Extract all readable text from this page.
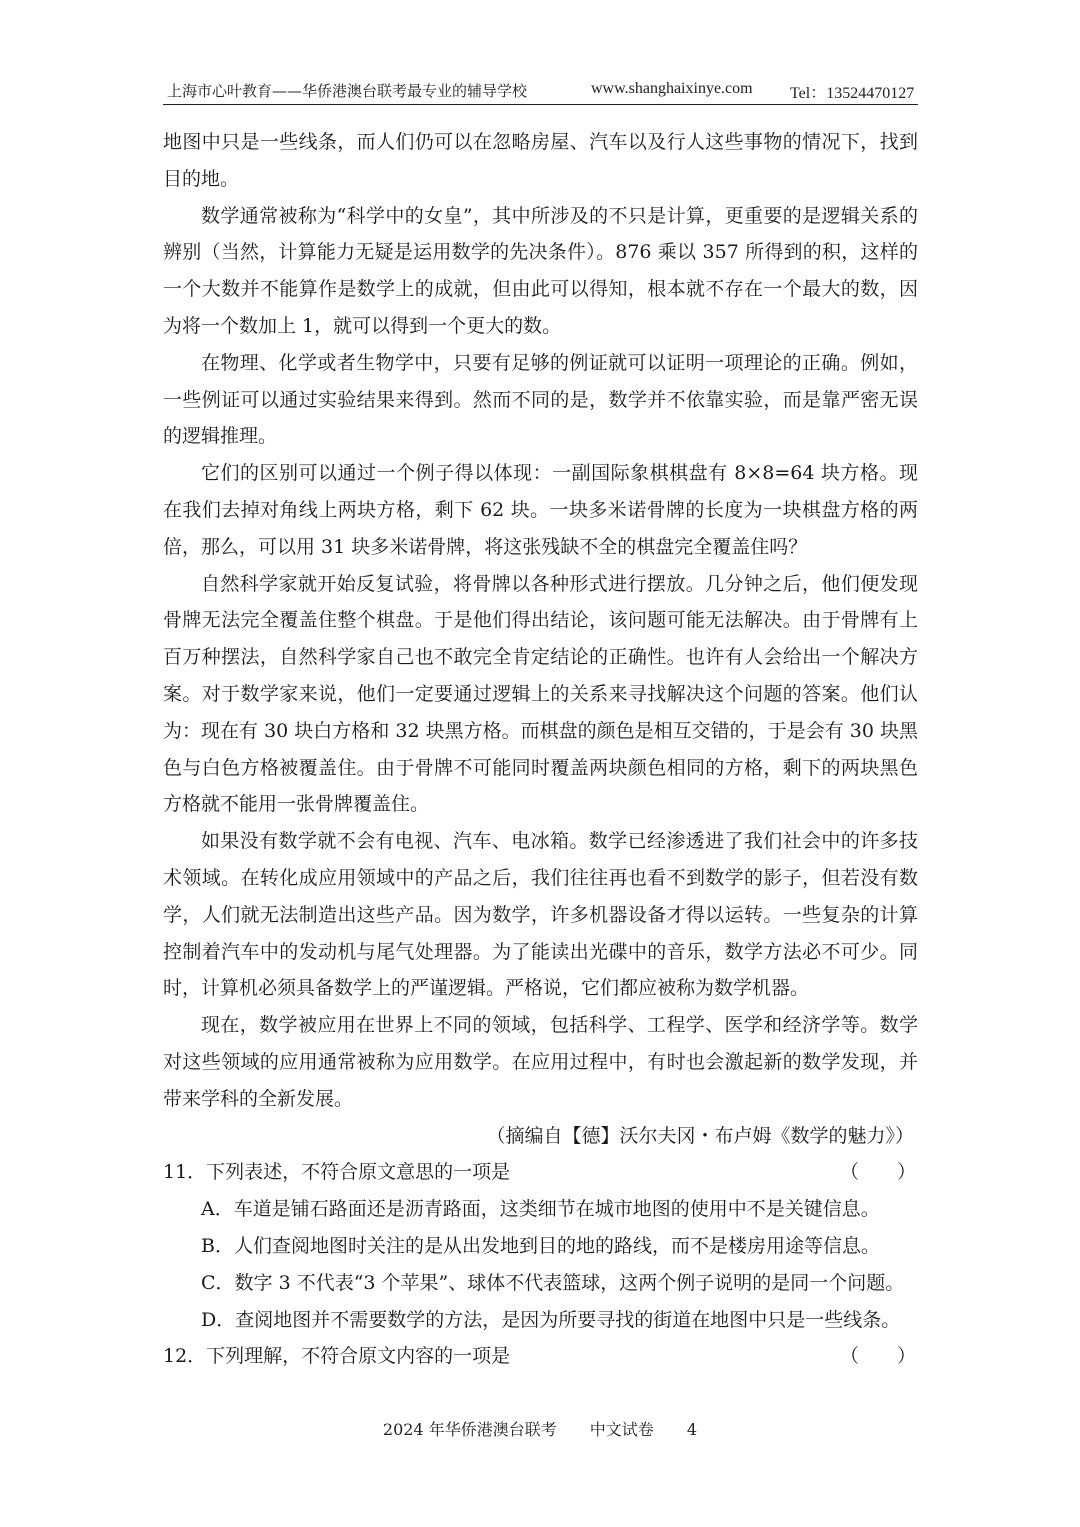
上海市心叶教育——华侨港澳台联考最专业的辅导学校	www.shanghaixinye.com Tel：13524470127

地图中只是一些线条，而人们仍可以在忽略房屋、汽车以及行人这些事物的情况下，找到目的地。

数学通常被称为“科学中的女皇”，其中所涉及的不只是计算，更重要的是逻辑关系的辨别（当然，计算能力无疑是运用数学的先决条件）。876 乘以 357 所得到的积，这样的一个大数并不能算作是数学上的成就，但由此可以得知，根本就不存在一个最大的数，因为将一个数加上 1，就可以得到一个更大的数。

在物理、化学或者生物学中，只要有足够的例证就可以证明一项理论的正确。例如，一些例证可以通过实验结果来得到。然而不同的是，数学并不依靠实验，而是靠严密无误的逻辑推理。

它们的区别可以通过一个例子得以体现：一副国际象棋棋盘有 8×8=64 块方格。现在我们去掉对角线上两块方格，剩下 62 块。一块多米诺骨牌的长度为一块棋盘方格的两倍，那么，可以用 31 块多米诺骨牌，将这张残缺不全的棋盘完全覆盖住吗？

自然科学家就开始反复试验，将骨牌以各种形式进行摆放。几分钟之后，他们便发现骨牌无法完全覆盖住整个棋盘。于是他们得出结论，该问题可能无法解决。由于骨牌有上百万种摆法，自然科学家自己也不敢完全肯定结论的正确性。也许有人会给出一个解决方案。对于数学家来说，他们一定要通过逻辑上的关系来寻找解决这个问题的答案。他们认为：现在有 30 块白方格和 32 块黑方格。而棋盘的颜色是相互交错的，于是会有 30 块黑色与白色方格被覆盖住。由于骨牌不可能同时覆盖两块颜色相同的方格，剩下的两块黑色方格就不能用一张骨牌覆盖住。

如果没有数学就不会有电视、汽车、电冰箱。数学已经渗透进了我们社会中的许多技术领域。在转化成应用领域中的产品之后，我们往往再也看不到数学的影子，但若没有数学，人们就无法制造出这些产品。因为数学，许多机器设备才得以运转。一些复杂的计算控制着汽车中的发动机与尾气处理器。为了能读出光碟中的音乐，数学方法必不可少。同时，计算机必须具备数学上的严谨逻辑。严格说，它们都应被称为数学机器。

现在，数学被应用在世界上不同的领域，包括科学、工程学、医学和经济学等。数学对这些领域的应用通常被称为应用数学。在应用过程中，有时也会激起新的数学发现，并带来学科的全新发展。

（摘编自【德】沃尔夫冈・布卢姆《数学的魅力》）

11．下列表述，不符合原文意思的一项是	（　　）

A．车道是铺石路面还是沥青路面，这类细节在城市地图的使用中不是关键信息。

B．人们查阅地图时关注的是从出发地到目的地的路线，而不是楼房用途等信息。

C．数字 3 不代表“3 个苹果”、球体不代表篮球，这两个例子说明的是同一个问题。

D．查阅地图并不需要数学的方法，是因为所要寻找的街道在地图中只是一些线条。

12．下列理解，不符合原文内容的一项是	（　　）
2024 年华侨港澳台联考 中文试卷 4
